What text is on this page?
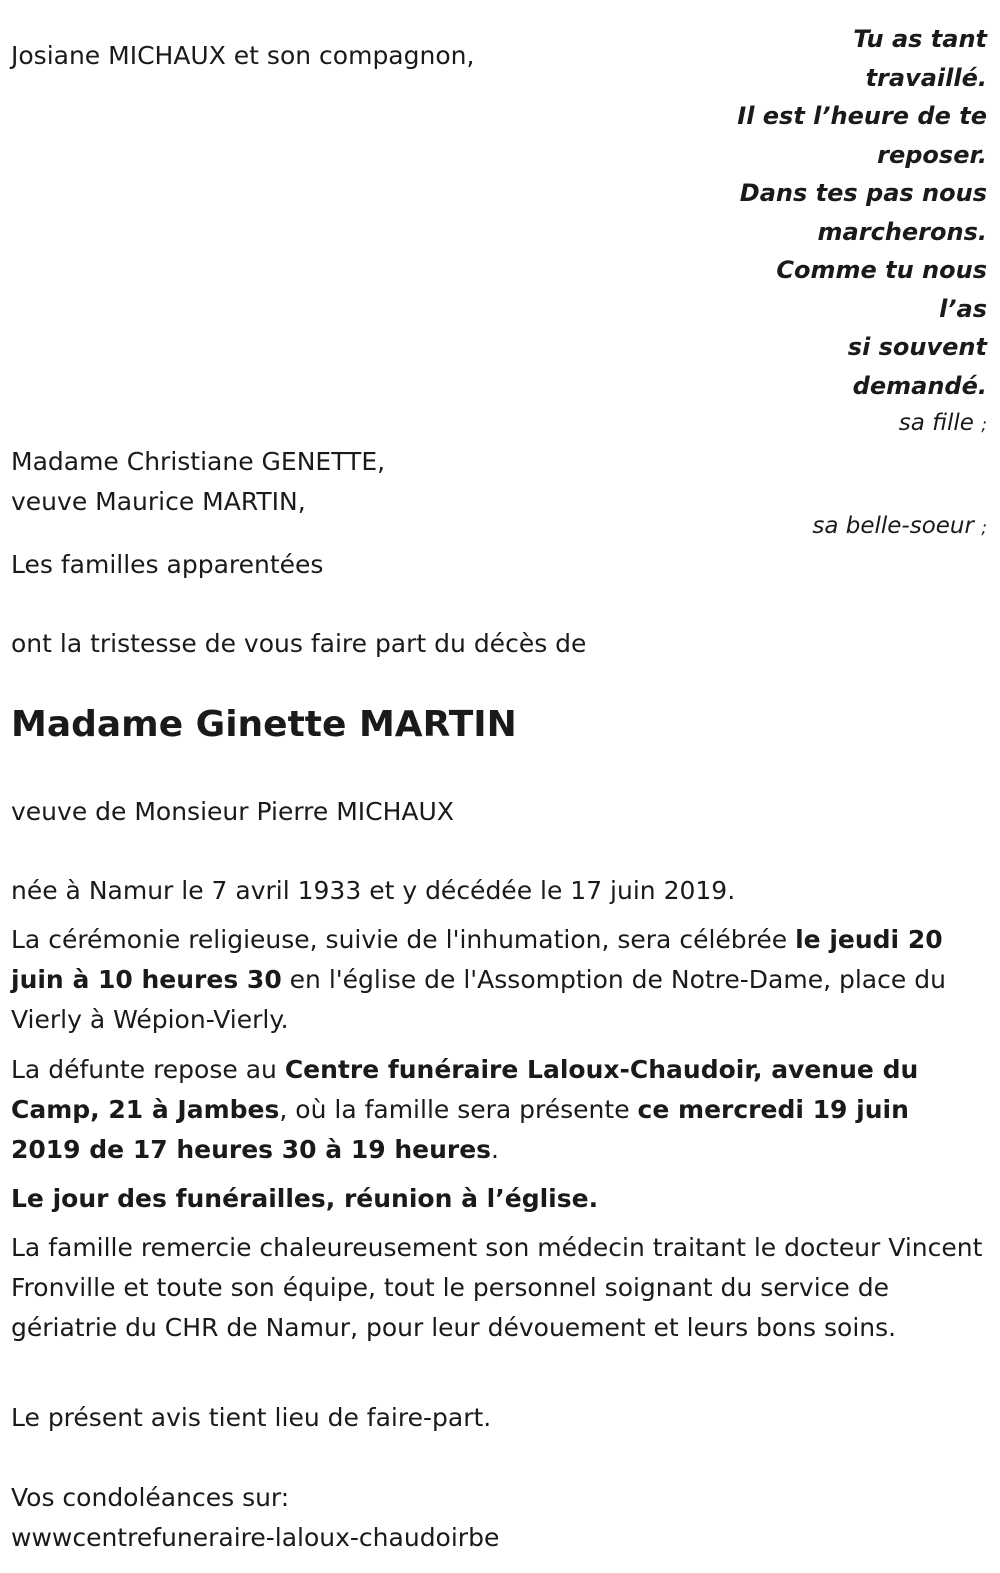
Josiane MICHAUX et son compagnon,
Tu as tant
travaillé.
Il est l’heure de te
reposer.
Dans tes pas nous
marcherons.
Comme tu nous
l’as
si souvent
demandé.
sa fille ;
Madame Christiane GENETTE,
veuve Maurice MARTIN,
sa belle-soeur ;
Les familles apparentées
ont la tristesse de vous faire part du décès de
Madame Ginette MARTIN
veuve de Monsieur Pierre MICHAUX
née à Namur le 7 avril 1933 et y décédée le 17 juin 2019.
La cérémonie religieuse, suivie de l'inhumation, sera célébrée le jeudi 20 juin à 10 heures 30 en l'église de l'Assomption de Notre-Dame, place du Vierly à Wépion-Vierly.
La défunte repose au Centre funéraire Laloux-Chaudoir, avenue du Camp, 21 à Jambes, où la famille sera présente ce mercredi 19 juin 2019 de 17 heures 30 à 19 heures.
Le jour des funérailles, réunion à l’église.
La famille remercie chaleureusement son médecin traitant le docteur Vincent Fronville et toute son équipe, tout le personnel soignant du service de gériatrie du CHR de Namur, pour leur dévouement et leurs bons soins.
Le présent avis tient lieu de faire-part.
Vos condoléances sur:
wwwcentrefuneraire-laloux-chaudoirbe
